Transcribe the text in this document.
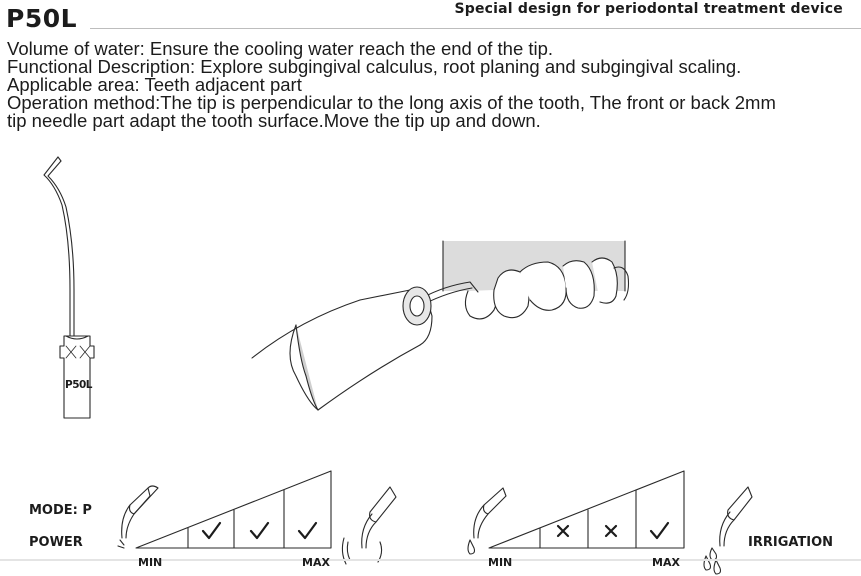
P50L	Special design for periodontal treatment device
Volume of water: Ensure the cooling water reach the end of the tip.
Functional Description: Explore subgingival calculus, root planing and subgingival scaling.
Applicable area: Teeth adjacent part
Operation method:The tip is perpendicular to the long axis of the tooth, The front or back 2mm
tip needle part adapt the tooth surface.Move the tip up and down.
P50L
MODE: P
POWER
MIN	MAX	MIN	MAX
IRRIGATION
